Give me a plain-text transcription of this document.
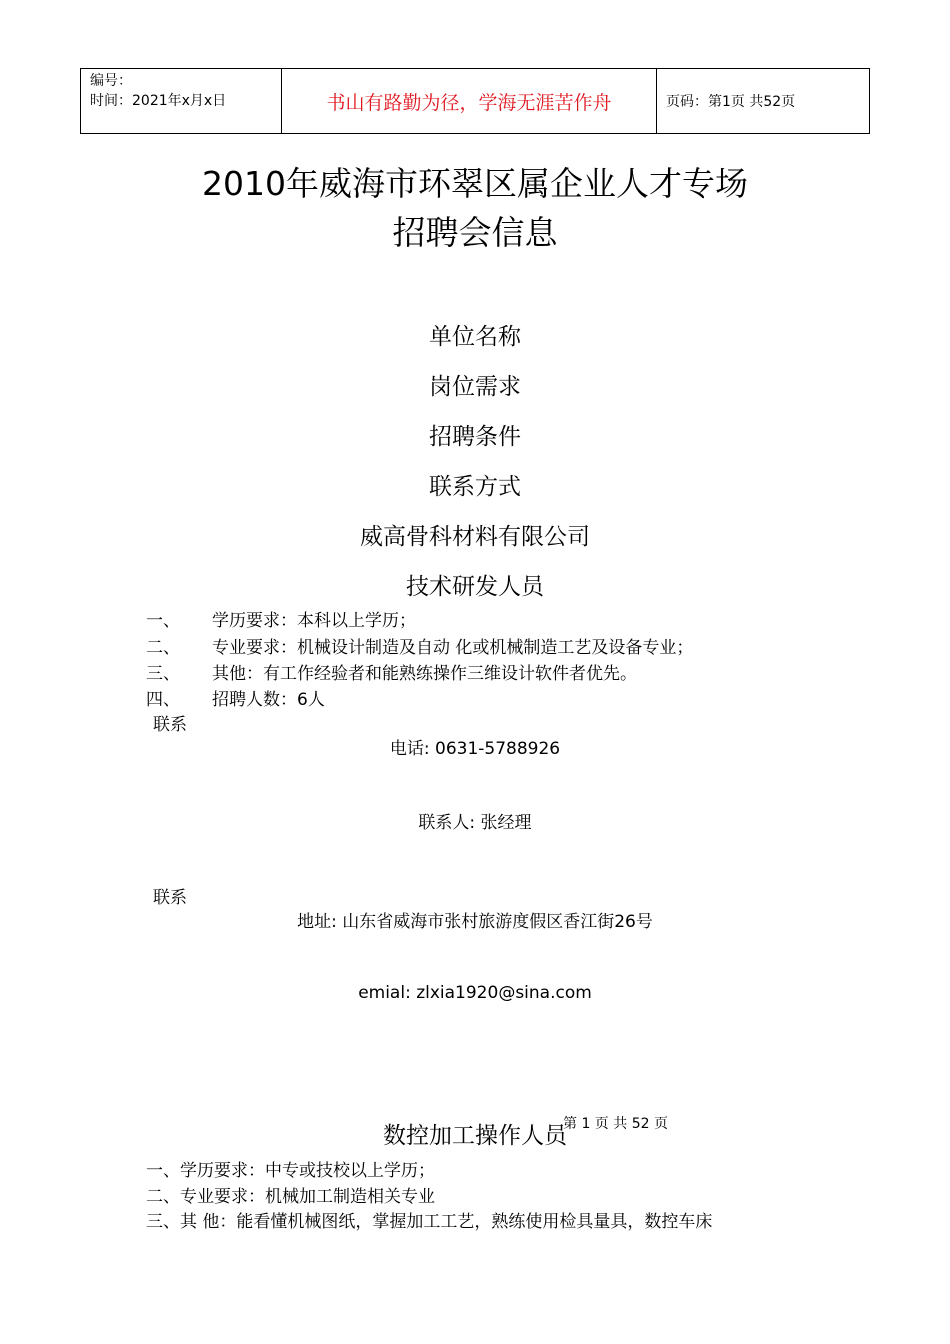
编号：
时间：2021年x月x日	书山有路勤为径，学海无涯苦作舟	页码：第1页 共52页
2010年威海市环翠区属企业人才专场
招聘会信息
单位名称
岗位需求
招聘条件
联系方式
威高骨科材料有限公司
技术研发人员
一、 学历要求：本科以上学历；
二、 专业要求：机械设计制造及自动 化或机械制造工艺及设备专业；
三、 其他：有工作经验者和能熟练操作三维设计软件者优先。
四、 招聘人数：6人
联系
电话: 0631-5788926
联系人: 张经理
联系
地址: 山东省威海市张村旅游度假区香江街26号
emial: zlxia1920@sina.com
数控加工操作人员
第 1 页 共 52 页
一、学历要求：中专或技校以上学历；
二、专业要求：机械加工制造相关专业
三、其 他：能看懂机械图纸，掌握加工工艺，熟练使用检具量具，数控车床
